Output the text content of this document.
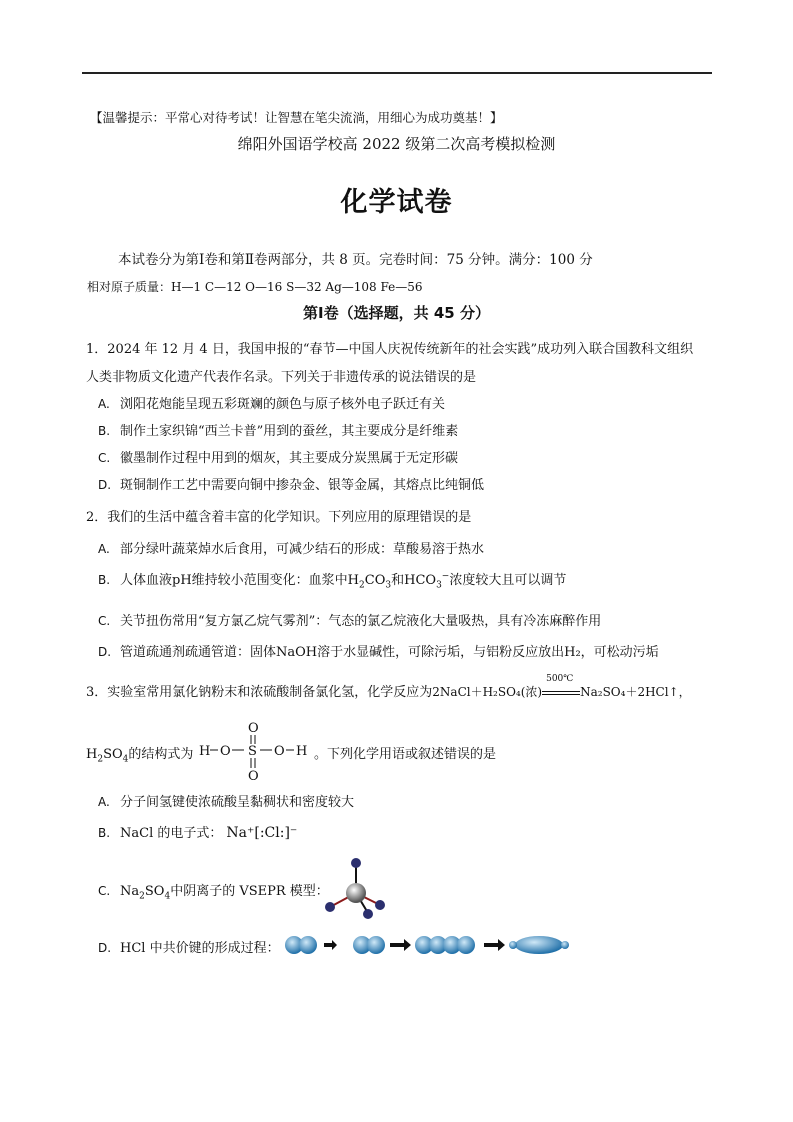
【温馨提示：平常心对待考试！让智慧在笔尖流淌，用细心为成功奠基！】
绵阳外国语学校高 2022 级第二次高考模拟检测
化学试卷
本试卷分为第Ⅰ卷和第Ⅱ卷两部分，共 8 页。完卷时间：75 分钟。满分：100 分
相对原子质量：H—1 C—12 O—16 S—32 Ag—108 Fe—56
第Ⅰ卷（选择题，共 45 分）
1．2024 年 12 月 4 日，我国申报的“春节—中国人庆祝传统新年的社会实践”成功列入联合国教科文组织
人类非物质文化遗产代表作名录。下列关于非遗传承的说法错误的是
A. 浏阳花炮能呈现五彩斑斓的颜色与原子核外电子跃迁有关
B. 制作土家织锦“西兰卡普”用到的蚕丝，其主要成分是纤维素
C. 徽墨制作过程中用到的烟灰，其主要成分炭黑属于无定形碳
D. 斑铜制作工艺中需要向铜中掺杂金、银等金属，其熔点比纯铜低
2．我们的生活中蕴含着丰富的化学知识。下列应用的原理错误的是
A. 部分绿叶蔬菜焯水后食用，可减少结石的形成：草酸易溶于热水
B. 人体血液pH维持较小范围变化：血浆中$H_2CO_3$和$HCO_3^-$浓度较大且可以调节
C. 关节扭伤常用“复方氯乙烷气雾剂”：气态的氯乙烷液化大量吸热，具有冷冻麻醉作用
D. 管道疏通剂疏通管道：固体NaOH溶于水显碱性，可除污垢，与铝粉反应放出H₂，可松动污垢
3．实验室常用氯化钠粉末和浓硫酸制备氯化氢，化学反应为2NaCl＋H₂SO₄(浓)
500℃
Na₂SO₄＋2HCl↑，
$H_2SO_4$的结构式为
O
H O S O H
O
。下列化学用语或叙述错误的是
A. 分子间氢键使浓硫酸呈黏稠状和密度较大
B. NaCl 的电子式： Na⁺[:Cl:]⁻
C. $Na_2SO_4$中阴离子的 VSEPR 模型：
D. HCl 中共价键的形成过程：
